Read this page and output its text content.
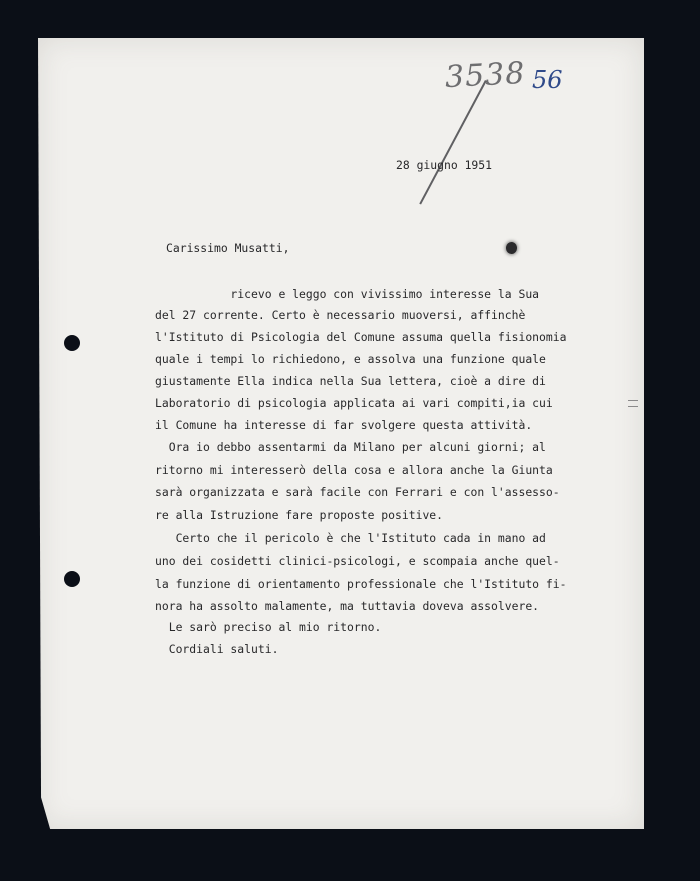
3538 56
28 giugno 1951
Carissimo Musatti,
ricevo e leggo con vivissimo interesse la Sua
del 27 corrente. Certo è necessario muoversi, affinchè
l'Istituto di Psicologia del Comune assuma quella fisionomia
quale i tempi lo richiedono, e assolva una funzione quale
giustamente Ella indica nella Sua lettera, cioè a dire di
Laboratorio di psicologia applicata ai vari compiti,ia cui
il Comune ha interesse di far svolgere questa attività.
Ora io debbo assentarmi da Milano per alcuni giorni; al
ritorno mi interesserò della cosa e allora anche la Giunta
sarà organizzata e sarà facile con Ferrari e con l'assesso-
re alla Istruzione fare proposte positive.
Certo che il pericolo è che l'Istituto cada in mano ad
uno dei cosidetti clinici-psicologi, e scompaia anche quel-
la funzione di orientamento professionale che l'Istituto fi-
nora ha assolto malamente, ma tuttavia doveva assolvere.
Le sarò preciso al mio ritorno.
Cordiali saluti.
